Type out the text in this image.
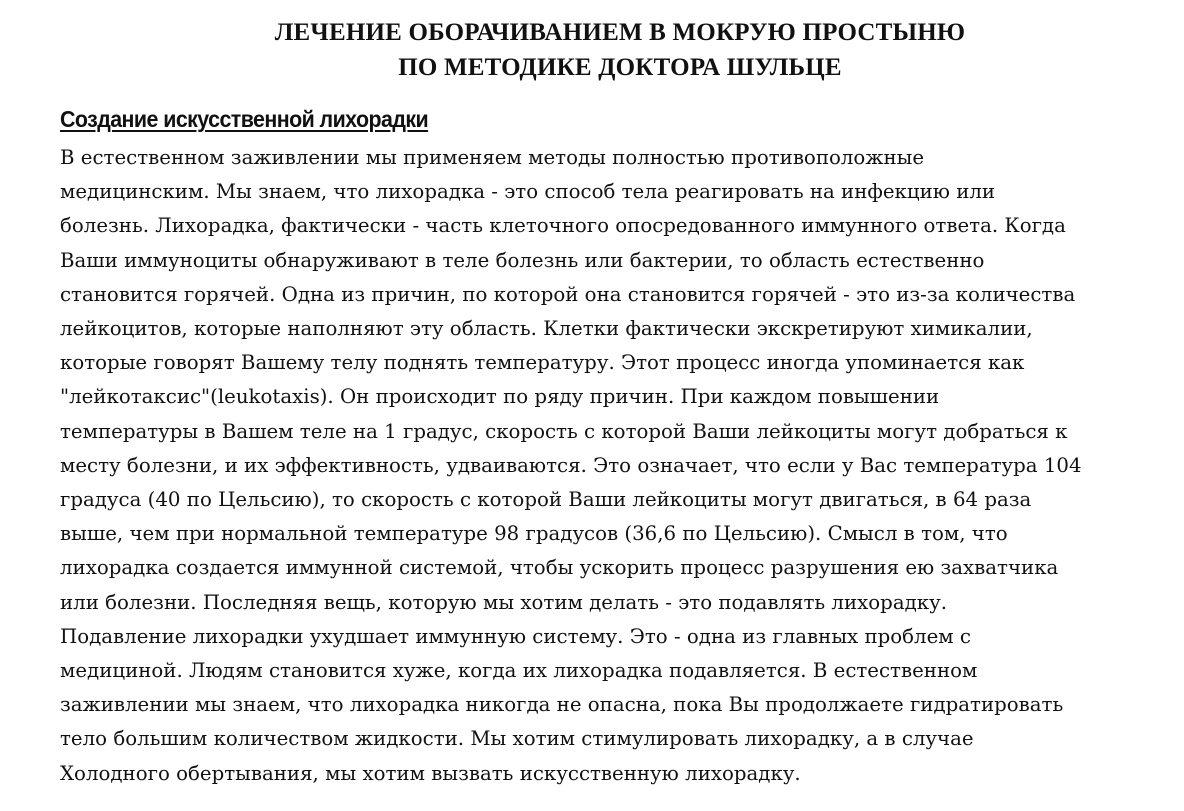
ЛЕЧЕНИЕ ОБОРАЧИВАНИЕМ В МОКРУЮ ПРОСТЫНЮ
ПО МЕТОДИКЕ ДОКТОРА ШУЛЬЦЕ
Создание искусственной лихорадки
В естественном заживлении мы применяем методы полностью противоположные
медицинским. Мы знаем, что лихорадка - это способ тела реагировать на инфекцию или
болезнь. Лихорадка, фактически - часть клеточного опосредованного иммунного ответа. Когда
Ваши иммуноциты обнаруживают в теле болезнь или бактерии, то область естественно
становится горячей. Одна из причин, по которой она становится горячей - это из-за количества
лейкоцитов, которые наполняют эту область. Клетки фактически экскретируют химикалии,
которые говорят Вашему телу поднять температуру. Этот процесс иногда упоминается как
"лейкотаксис"(leukotaxis). Он происходит по ряду причин. При каждом повышении
температуры в Вашем теле на 1 градус, скорость с которой Ваши лейкоциты могут добраться к
месту болезни, и их эффективность, удваиваются. Это означает, что если у Вас температура 104
градуса (40 по Цельсию), то скорость с которой Ваши лейкоциты могут двигаться, в 64 раза
выше, чем при нормальной температуре 98 градусов (36,6 по Цельсию). Смысл в том, что
лихорадка создается иммунной системой, чтобы ускорить процесс разрушения ею захватчика
или болезни. Последняя вещь, которую мы хотим делать - это подавлять лихорадку.
Подавление лихорадки ухудшает иммунную систему. Это - одна из главных проблем с
медициной. Людям становится хуже, когда их лихорадка подавляется. В естественном
заживлении мы знаем, что лихорадка никогда не опасна, пока Вы продолжаете гидратировать
тело большим количеством жидкости. Мы хотим стимулировать лихорадку, а в случае
Холодного обертывания, мы хотим вызвать искусственную лихорадку.
